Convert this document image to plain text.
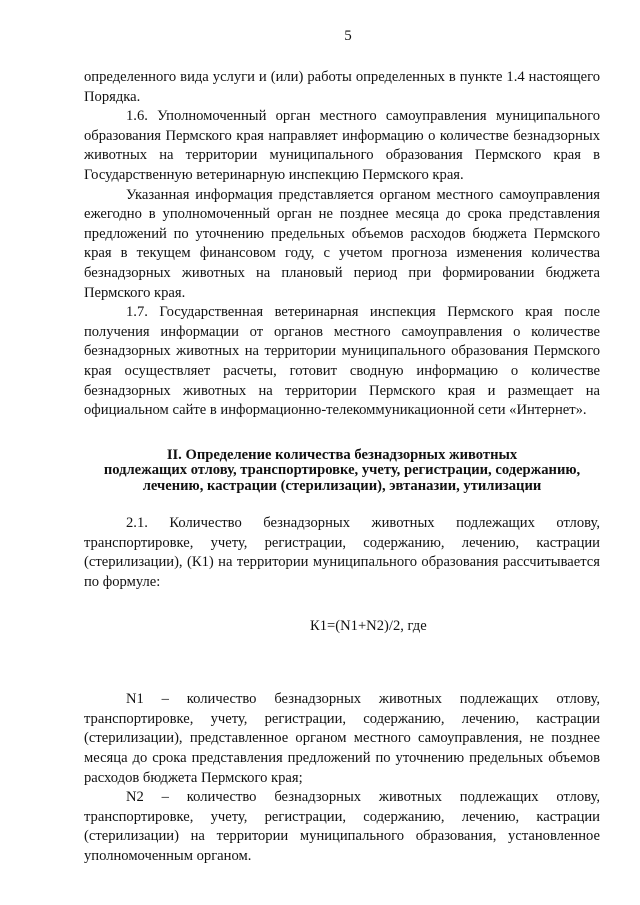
5

определенного вида услуги и (или) работы определенных в пункте 1.4 настоящего Порядка.

1.6. Уполномоченный орган местного самоуправления муниципального образования Пермского края направляет информацию о количестве безнадзорных животных на территории муниципального образования Пермского края в Государственную ветеринарную инспекцию Пермского края.

Указанная информация представляется органом местного самоуправления ежегодно в уполномоченный орган не позднее месяца до срока представления предложений по уточнению предельных объемов расходов бюджета Пермского края в текущем финансовом году, с учетом прогноза изменения количества безнадзорных животных на плановый период при формировании бюджета Пермского края.

1.7. Государственная ветеринарная инспекция Пермского края после получения информации от органов местного самоуправления о количестве безнадзорных животных на территории муниципального образования Пермского края осуществляет расчеты, готовит сводную информацию о количестве безнадзорных животных на территории Пермского края и размещает на официальном сайте в информационно-телекоммуникационной сети «Интернет».

II. Определение количества безнадзорных животных
подлежащих отлову, транспортировке, учету, регистрации, содержанию,
лечению, кастрации (стерилизации), эвтаназии, утилизации

2.1. Количество безнадзорных животных подлежащих отлову, транспортировке, учету, регистрации, содержанию, лечению, кастрации (стерилизации), (К1) на территории муниципального образования рассчитывается по формуле:

К1=(N1+N2)/2, где

N1 – количество безнадзорных животных подлежащих отлову, транспортировке, учету, регистрации, содержанию, лечению, кастрации (стерилизации), представленное органом местного самоуправления, не позднее месяца до срока представления предложений по уточнению предельных объемов расходов бюджета Пермского края;

N2 – количество безнадзорных животных подлежащих отлову, транспортировке, учету, регистрации, содержанию, лечению, кастрации (стерилизации) на территории муниципального образования, установленное уполномоченным органом.
